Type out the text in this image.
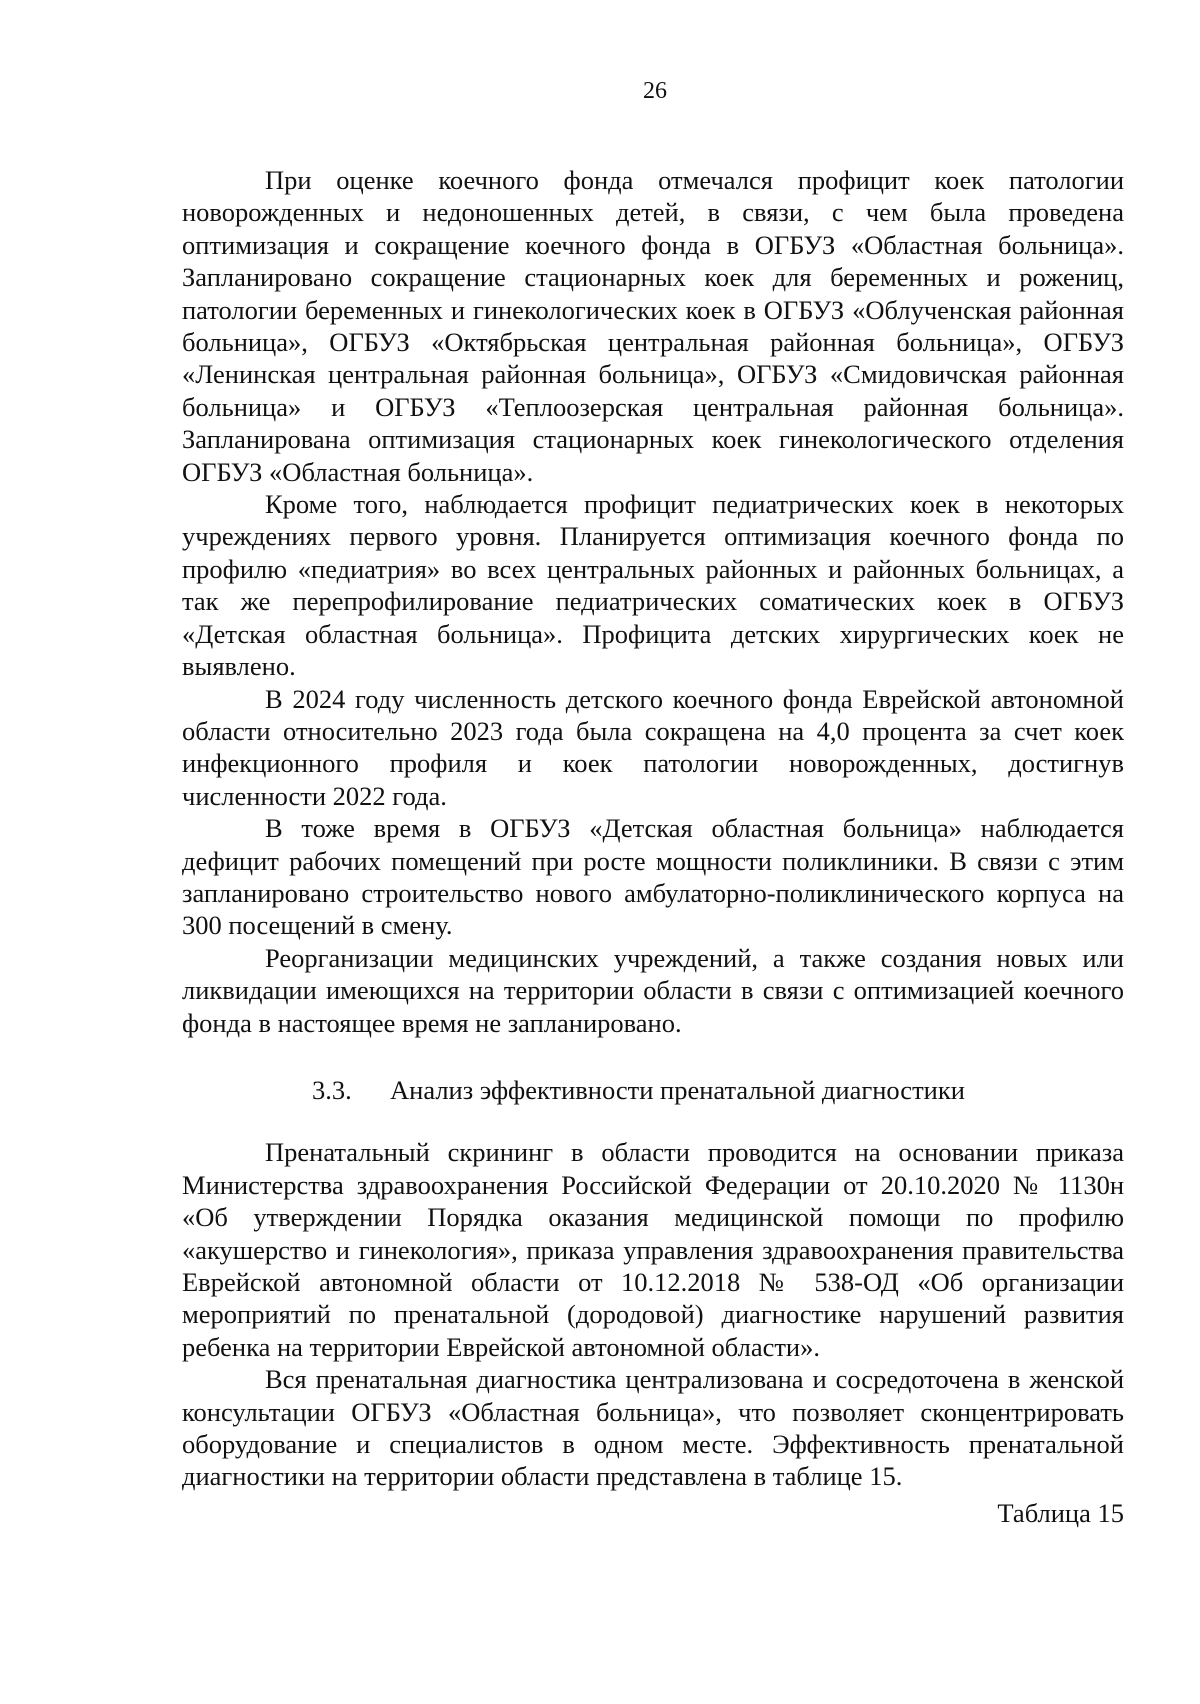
26

При оценке коечного фонда отмечался профицит коек патологии новорожденных и недоношенных детей, в связи, с чем была проведена оптимизация и сокращение коечного фонда в ОГБУЗ «Областная больница». Запланировано сокращение стационарных коек для беременных и рожениц, патологии беременных и гинекологических коек в ОГБУЗ «Облученская районная больница», ОГБУЗ «Октябрьская центральная районная больница», ОГБУЗ «Ленинская центральная районная больница», ОГБУЗ «Смидовичская районная больница» и ОГБУЗ «Теплоозерская центральная районная больница». Запланирована оптимизация стационарных коек гинекологического отделения ОГБУЗ «Областная больница».

Кроме того, наблюдается профицит педиатрических коек в некоторых учреждениях первого уровня. Планируется оптимизация коечного фонда по профилю «педиатрия» во всех центральных районных и районных больницах, а так же перепрофилирование педиатрических соматических коек в ОГБУЗ «Детская областная больница». Профицита детских хирургических коек не выявлено.

В 2024 году численность детского коечного фонда Еврейской автономной области относительно 2023 года была сокращена на 4,0 процента за счет коек инфекционного профиля и коек патологии новорожденных, достигнув численности 2022 года.

В тоже время в ОГБУЗ «Детская областная больница» наблюдается дефицит рабочих помещений при росте мощности поликлиники. В связи с этим запланировано строительство нового амбулаторно-поликлинического корпуса на 300 посещений в смену.

Реорганизации медицинских учреждений, а также создания новых или ликвидации имеющихся на территории области в связи с оптимизацией коечного фонда в настоящее время не запланировано.

3.3.	Анализ эффективности пренатальной диагностики

Пренатальный скрининг в области проводится на основании приказа Министерства здравоохранения Российской Федерации от 20.10.2020 № 1130н «Об утверждении Порядка оказания медицинской помощи по профилю «акушерство и гинекология», приказа управления здравоохранения правительства Еврейской автономной области от 10.12.2018 № 538-ОД «Об организации мероприятий по пренатальной (дородовой) диагностике нарушений развития ребенка на территории Еврейской автономной области».

Вся пренатальная диагностика централизована и сосредоточена в женской консультации ОГБУЗ «Областная больница», что позволяет сконцентрировать оборудование и специалистов в одном месте. Эффективность пренатальной диагностики на территории области представлена в таблице 15.

Таблица 15
